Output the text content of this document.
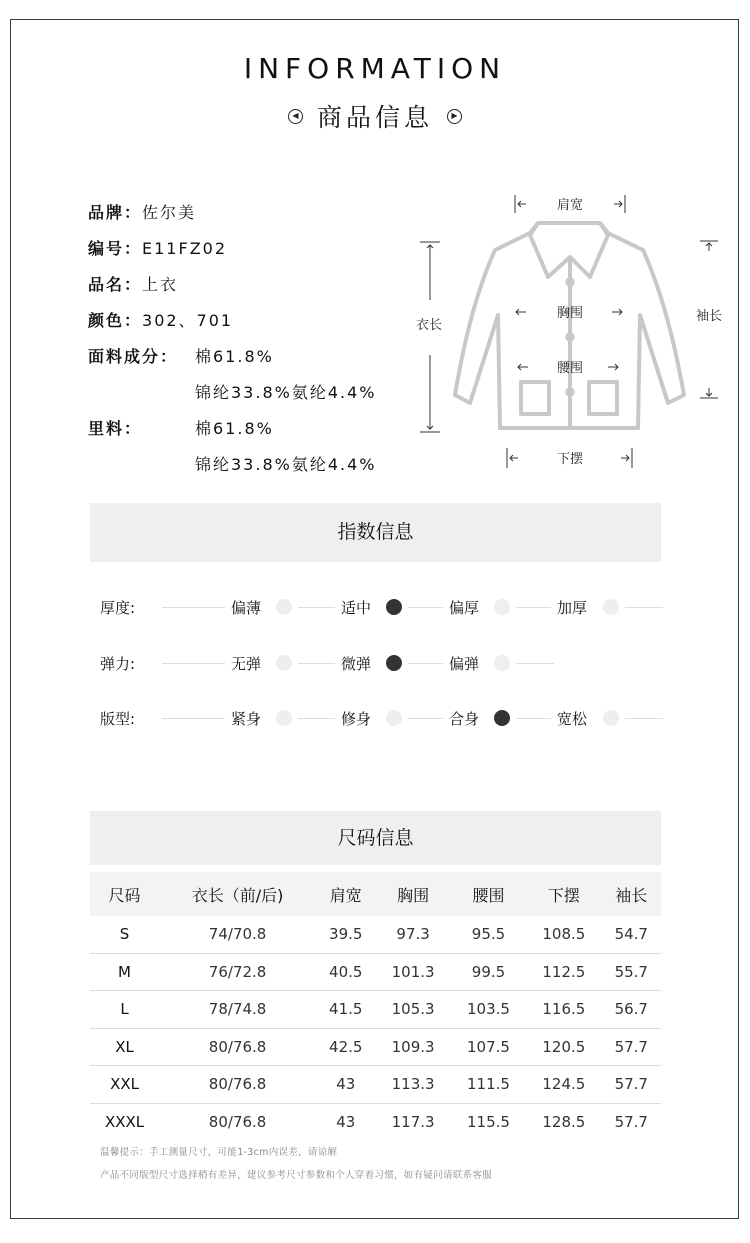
INFORMATION
◀ 商品信息	▶
品牌：佐尔美
编号：E11FZ02
品名：上衣
颜色：302、701
面料成分： 棉61.8%
锦纶33.8%氨纶4.4%
里料：	棉61.8%
锦纶33.8%氨纶4.4%
肩宽
衣长
胸围
腰围
下摆
袖长
指数信息
厚度:	偏薄	适中	偏厚	加厚
弹力:	无弹	微弹	偏弹
版型:	紧身	修身	合身	宽松
尺码信息
尺码	衣长（前/后)	肩宽	胸围	腰围	下摆	袖长
S	74/70.8	39.5	97.3	95.5	108.5	54.7
M	76/72.8	40.5	101.3	99.5	112.5	55.7
L	78/74.8	41.5	105.3	103.5	116.5	56.7
XL	80/76.8	42.5	109.3	107.5	120.5	57.7
XXL	80/76.8	43	113.3	111.5	124.5	57.7
XXXL	80/76.8	43	117.3	115.5	128.5	57.7
温馨提示：手工测量尺寸，可能1-3cm内误差，请谅解
产品不同版型尺寸选择稍有差异，建议参考尺寸参数和个人穿着习惯，如有疑问请联系客服
